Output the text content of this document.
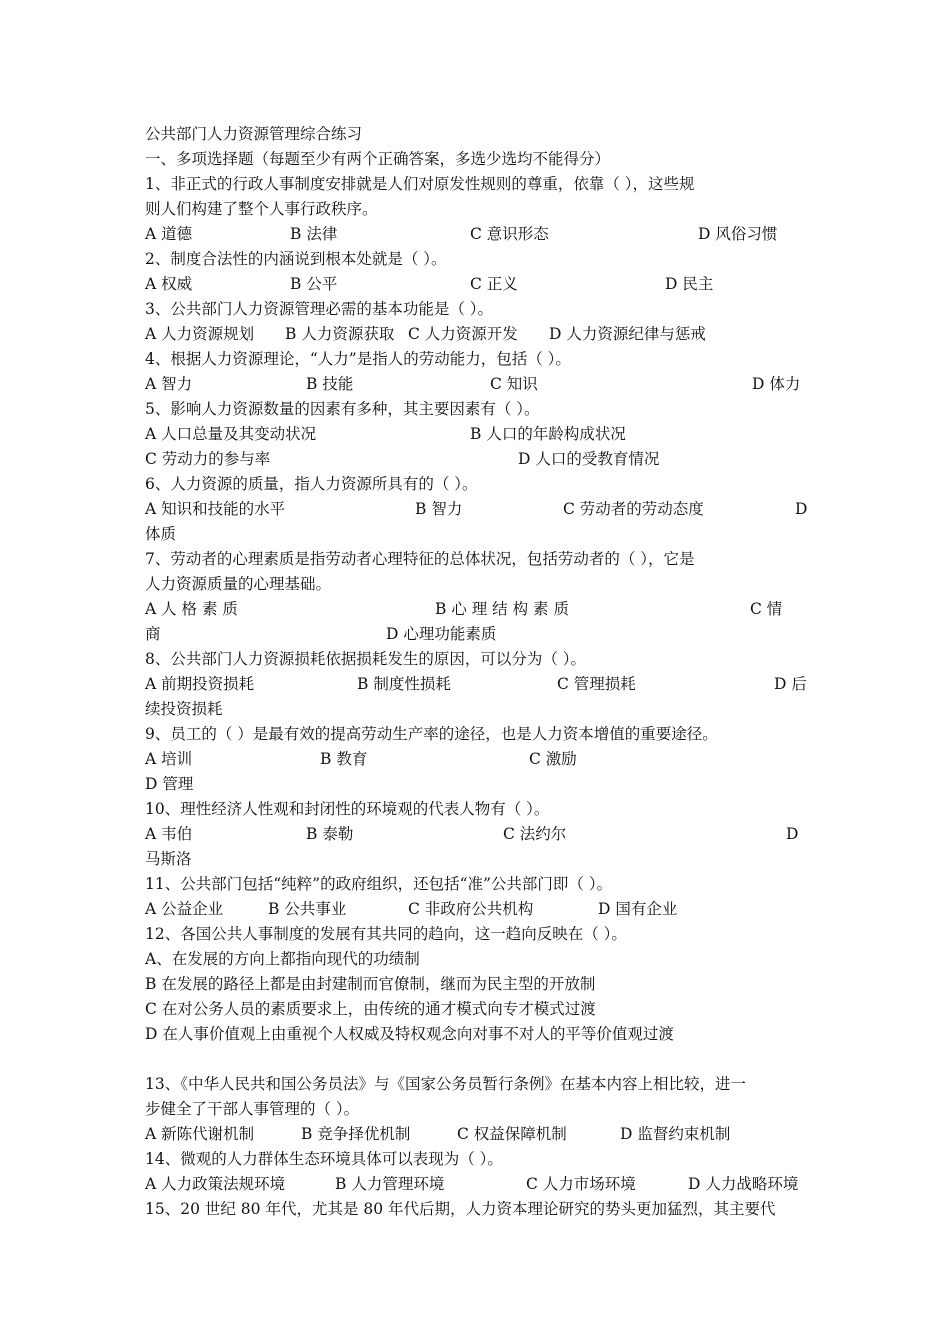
公共部门人力资源管理综合练习
一、多项选择题（每题至少有两个正确答案，多选少选均不能得分）
1、非正式的行政人事制度安排就是人们对原发性规则的尊重，依靠（ ），这些规
则人们构建了整个人事行政秩序。
A 道德	B 法律	C 意识形态	D 风俗习惯
2、制度合法性的内涵说到根本处就是（ ）。
A 权威	B 公平	C 正义	D 民主
3、公共部门人力资源管理必需的基本功能是（ ）。
A 人力资源规划 B 人力资源获取 C 人力资源开发 D 人力资源纪律与惩戒
4、根据人力资源理论，“人力”是指人的劳动能力，包括（ ）。
A 智力	B 技能	C 知识	D 体力
5、影响人力资源数量的因素有多种，其主要因素有（ ）。
A 人口总量及其变动状况	B 人口的年龄构成状况
C 劳动力的参与率	D 人口的受教育情况
6、人力资源的质量，指人力资源所具有的（ ）。
A 知识和技能的水平	B 智力	C 劳动者的劳动态度	D
体质
7、劳动者的心理素质是指劳动者心理特征的总体状况，包括劳动者的（ ），它是
人力资源质量的心理基础。
A 人 格 素 质	B 心 理 结 构 素 质	C 情
商	D 心理功能素质
8、公共部门人力资源损耗依据损耗发生的原因，可以分为（ ）。
A 前期投资损耗	B 制度性损耗	C 管理损耗	D 后
续投资损耗
9、员工的（ ）是最有效的提高劳动生产率的途径，也是人力资本增值的重要途径。
A 培训	B 教育	C 激励
D 管理
10、理性经济人性观和封闭性的环境观的代表人物有（ ）。
A 韦伯	B 泰勒	C 法约尔	D
马斯洛
11、公共部门包括“纯粹”的政府组织，还包括“准”公共部门即（ ）。
A 公益企业	B 公共事业	C 非政府公共机构	D 国有企业
12、各国公共人事制度的发展有其共同的趋向，这一趋向反映在（ ）。
A、在发展的方向上都指向现代的功绩制
B 在发展的路径上都是由封建制而官僚制，继而为民主型的开放制
C 在对公务人员的素质要求上，由传统的通才模式向专才模式过渡
D 在人事价值观上由重视个人权威及特权观念向对事不对人的平等价值观过渡
13、《中华人民共和国公务员法》与《国家公务员暂行条例》在基本内容上相比较，进一
步健全了干部人事管理的（ ）。
A 新陈代谢机制	B 竞争择优机制	C 权益保障机制	D 监督约束机制
14、微观的人力群体生态环境具体可以表现为（ ）。
A 人力政策法规环境	B 人力管理环境	C 人力市场环境	D 人力战略环境
15、20 世纪 80 年代，尤其是 80 年代后期，人力资本理论研究的势头更加猛烈，其主要代
